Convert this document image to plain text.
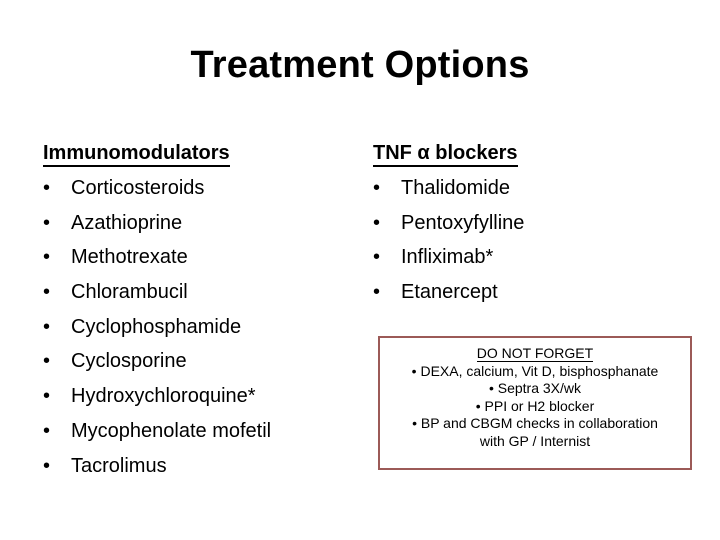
Treatment Options
Immunomodulators
• Corticosteroids
• Azathioprine
• Methotrexate
• Chlorambucil
• Cyclophosphamide
• Cyclosporine
• Hydroxychloroquine*
• Mycophenolate mofetil
• Tacrolimus
TNF α blockers
• Thalidomide
• Pentoxyfylline
• Infliximab*
• Etanercept
DO NOT FORGET
• DEXA, calcium, Vit D, bisphosphanate
• Septra 3X/wk
• PPI or H2 blocker
• BP and CBGM checks in collaboration
with GP / Internist
